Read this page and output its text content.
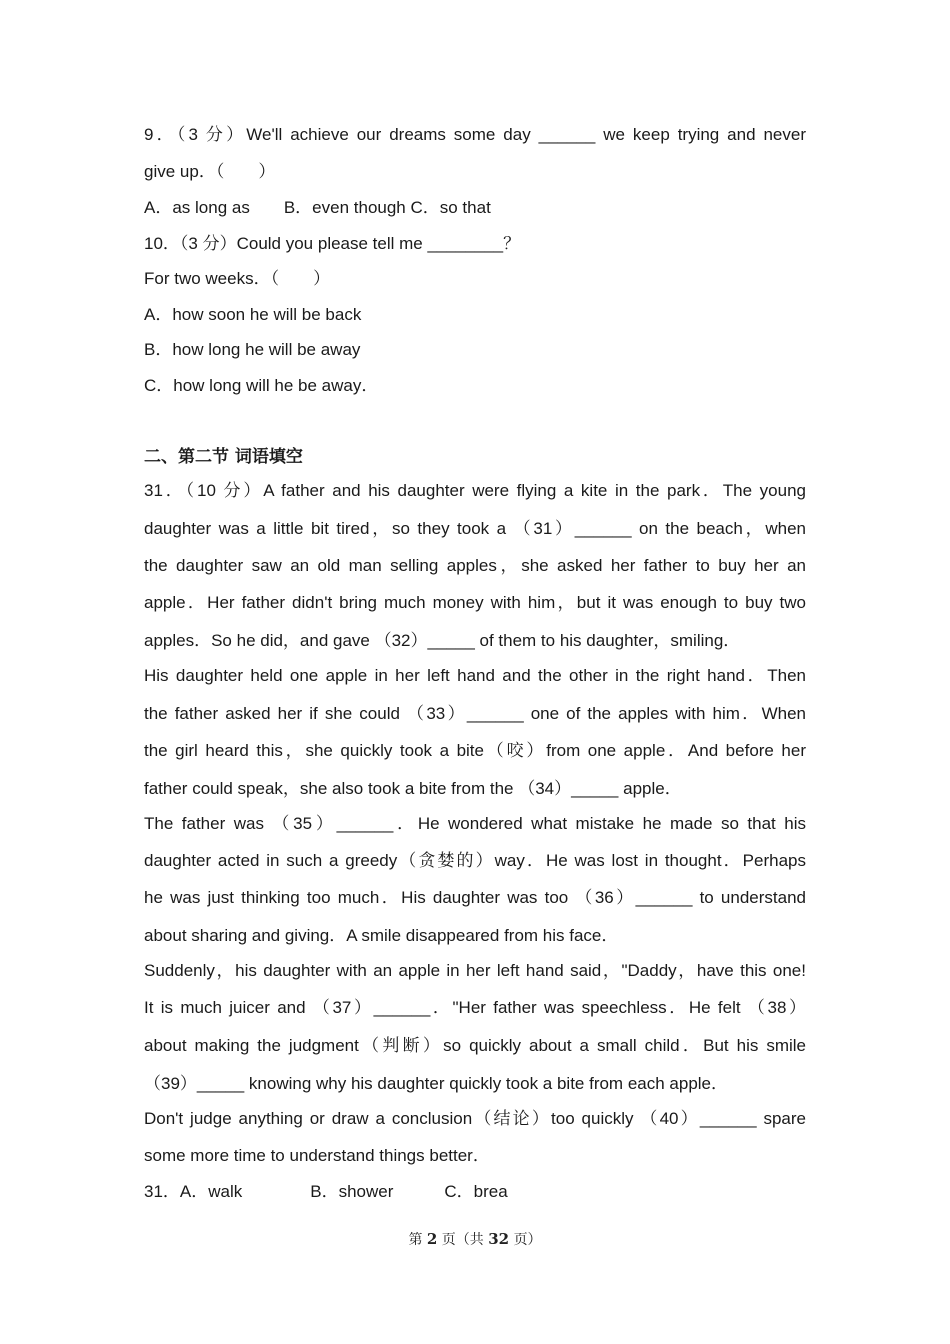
9．（3 分）We'll achieve our dreams some day ______ we keep trying and never
give up．（　　）
A．as long as　　B．even though C．so that
10．（3 分）Could you please tell me ________？
For two weeks．（　　）
A．how soon he will be back
B．how long he will be away
C．how long will he be away．
二、第二节 词语填空
31．（10 分）A father and his daughter were flying a kite in the park．The young
daughter was a little bit tired，so they took a （31）______ on the beach，when
the daughter saw an old man selling apples，she asked her father to buy her an
apple．Her father didn't bring much money with him，but it was enough to buy two
apples．So he did，and gave （32）_____ of them to his daughter，smiling．
His daughter held one apple in her left hand and the other in the right hand．Then
the father asked her if she could （33）______ one of the apples with him．When
the girl heard this，she quickly took a bite（咬）from one apple．And before her
father could speak，she also took a bite from the （34）_____ apple．
The father was （35）______．He wondered what mistake he made so that his
daughter acted in such a greedy（贪婪的）way．He was lost in thought．Perhaps
he was just thinking too much．His daughter was too （36）______ to understand
about sharing and giving．A smile disappeared from his face．
Suddenly，his daughter with an apple in her left hand said，"Daddy，have this one!
It is much juicer and （37）______．"Her father was speechless．He felt （38）
about making the judgment（判断）so quickly about a small child．But his smile
（39）_____ knowing why his daughter quickly took a bite from each apple．
Don't judge anything or draw a conclusion（结论）too quickly （40）______ spare
some more time to understand things better．
31．A．walk　　　　B．shower　　　C．brea
第 2 页（共 32 页）
